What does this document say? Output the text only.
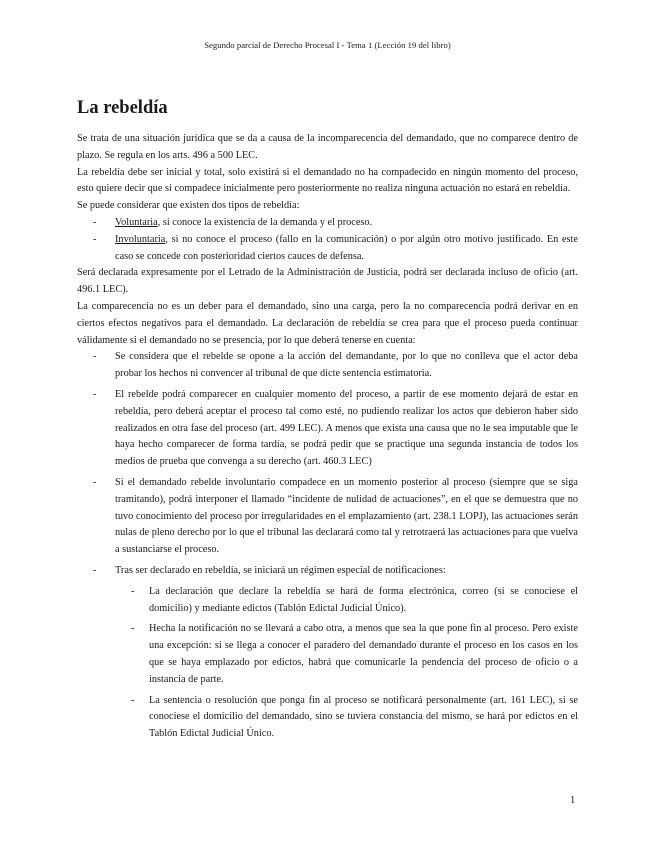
Segundo parcial de Derecho Procesal I - Tema 1 (Lección 19 del libro)
La rebeldía

Se trata de una situación jurídica que se da a causa de la incomparecencia del demandado, que no comparece dentro de plazo. Se regula en los arts. 496 a 500 LEC.

La rebeldía debe ser inicial y total, solo existirá si el demandado no ha compadecido en ningún momento del proceso, esto quiere decir que si compadece inicialmente pero posteriormente no realiza ninguna actuación no estará en rebeldía.

Se puede considerar que existen dos tipos de rebeldía:

- Voluntaria, si conoce la existencia de la demanda y el proceso.
- Involuntaria, si no conoce el proceso (fallo en la comunicación) o por algún otro motivo justificado. En este caso se concede con posterioridad ciertos cauces de defensa.

Será declarada expresamente por el Letrado de la Administración de Justicia, podrá ser declarada incluso de oficio (art. 496.1 LEC).

La comparecencia no es un deber para el demandado, sino una carga, pero la no comparecencia podrá derivar en en ciertos efectos negativos para el demandado. La declaración de rebeldía se crea para que el proceso pueda continuar válidamente si el demandado no se presencia, por lo que deberá tenerse en cuenta:

- Se considera que el rebelde se opone a la acción del demandante, por lo que no conlleva que el actor deba probar los hechos ni convencer al tribunal de que dicte sentencia estimatoria.
- El rebelde podrá comparecer en cualquier momento del proceso, a partir de ese momento dejará de estar en rebeldía, pero deberá aceptar el proceso tal como esté, no pudiendo realizar los actos que debieron haber sido realizados en otra fase del proceso (art. 499 LEC). A menos que exista una causa que no le sea imputable que le haya hecho comparecer de forma tardía, se podrá pedir que se practique una segunda instancia de todos los medios de prueba que convenga a su derecho (art. 460.3 LEC)
- Si el demandado rebelde involuntario compadece en un momento posterior al proceso (siempre que se siga tramitando), podrá interponer el llamado “incidente de nulidad de actuaciones”, en el que se demuestra que no tuvo conocimiento del proceso por irregularidades en el emplazamiento (art. 238.1 LOPJ), las actuaciones serán nulas de pleno derecho por lo que el tribunal las declarará como tal y retrotraerá las actuaciones para que vuelva a sustanciarse el proceso.
- Tras ser declarado en rebeldía, se iniciará un régimen especial de notificaciones:
- La declaración que declare la rebeldía se hará de forma electrónica, correo (si se conociese el domicilio) y mediante edictos (Tablón Edictal Judicial Único).
- Hecha la notificación no se llevará a cabo otra, a menos que sea la que pone fin al proceso. Pero existe una excepción: si se llega a conocer el paradero del demandado durante el proceso en los casos en los que se haya emplazado por edictos, habrá que comunicarle la pendencia del proceso de oficio o a instancia de parte.
- La sentencia o resolución que ponga fin al proceso se notificará personalmente (art. 161 LEC), si se conociese el domicilio del demandado, sino se tuviera constancia del mismo, se hará por edictos en el Tablón Edictal Judicial Único.
1
